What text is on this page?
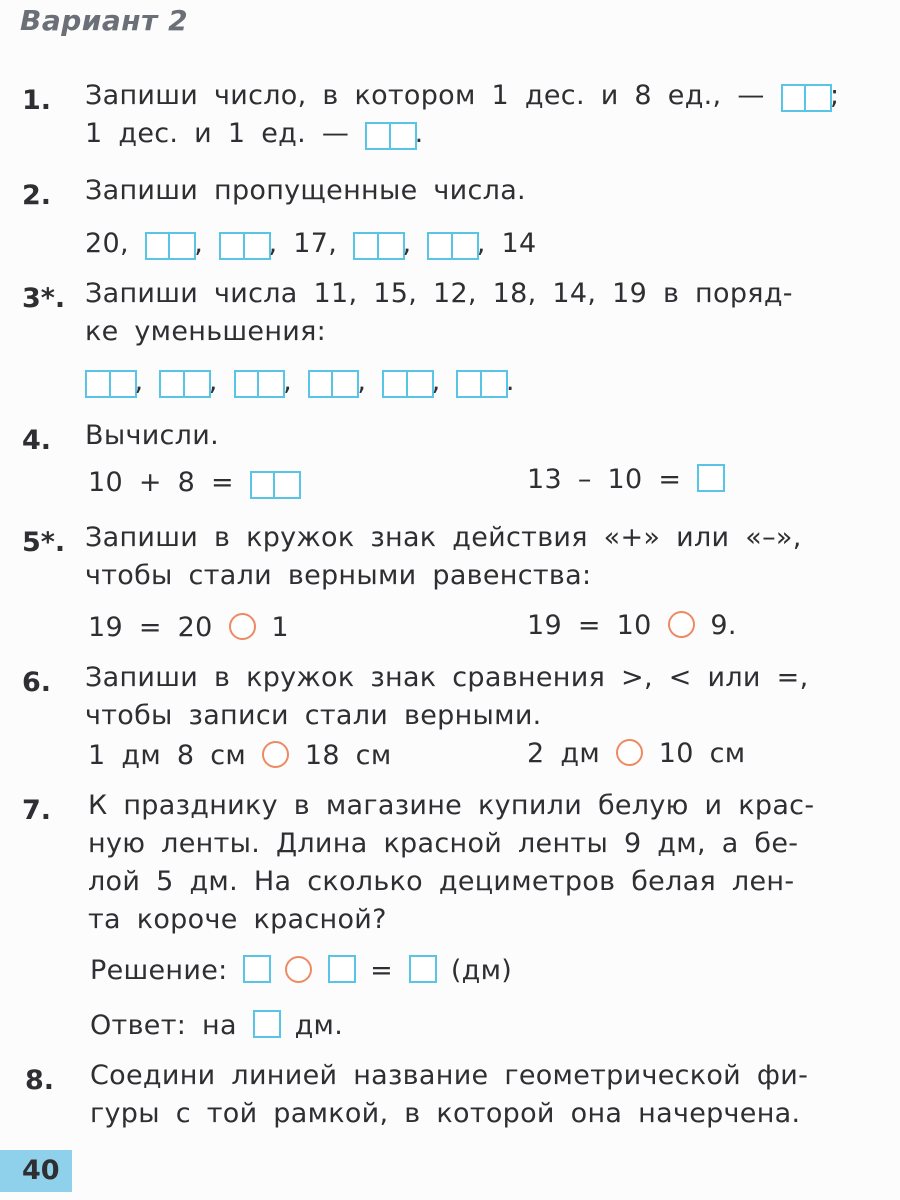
Вариант 2
1. Запиши число, в котором 1 дес. и 8 ед., — ;
1 дес. и 1 ед. — .
2. Запиши пропущенные числа.
20, , , 17, , , 14
3*. Запиши числа 11, 15, 12, 18, 14, 19 в поряд-
ке уменьшения:
, , , , , .
4. Вычисли.
10 + 8 =	13 – 10 =
5*. Запиши в кружок знак действия «+» или «–»,
чтобы стали верными равенства:
19 = 20 1	19 = 10 9.
6. Запиши в кружок знак сравнения >, < или =,
чтобы записи стали верными.
1 дм 8 см 18 см	2 дм 10 см
7. К празднику в магазине купили белую и крас-
ную ленты. Длина красной ленты 9 дм, а бе-
лой 5 дм. На сколько дециметров белая лен-
та короче красной?
Решение:	= (дм)
Ответ: на дм.
8. Соедини линией название геометрической фи-
гуры с той рамкой, в которой она начерчена.
40
